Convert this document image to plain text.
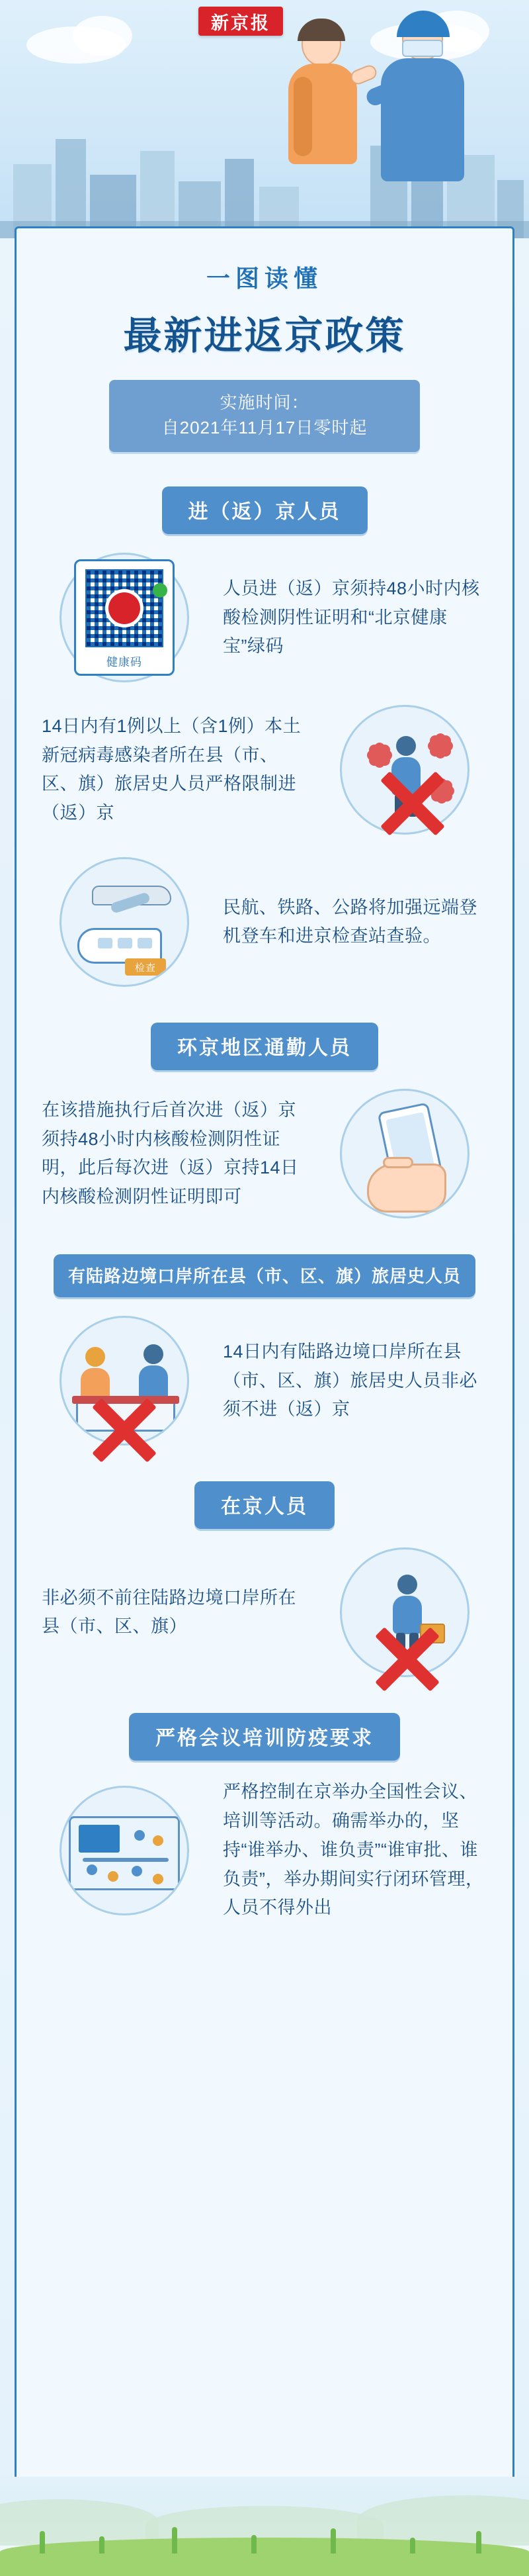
新京报
一图读懂
最新进返京政策
实施时间：
自2021年11月17日零时起
进（返）京人员
健康码
人员进（返）京须持48小时内核酸检测阴性证明和“北京健康宝”绿码
14日内有1例以上（含1例）本土新冠病毒感染者所在县（市、区、旗）旅居史人员严格限制进（返）京
检查
民航、铁路、公路将加强远端登机登车和进京检查站查验。
环京地区通勤人员
在该措施执行后首次进（返）京须持48小时内核酸检测阴性证明，此后每次进（返）京持14日内核酸检测阴性证明即可
有陆路边境口岸所在县（市、区、旗）旅居史人员
14日内有陆路边境口岸所在县（市、区、旗）旅居史人员非必须不进（返）京
在京人员
非必须不前往陆路边境口岸所在县（市、区、旗）
严格会议培训防疫要求
严格控制在京举办全国性会议、培训等活动。确需举办的，坚持“谁举办、谁负责”“谁审批、谁负责”，举办期间实行闭环管理，人员不得外出
